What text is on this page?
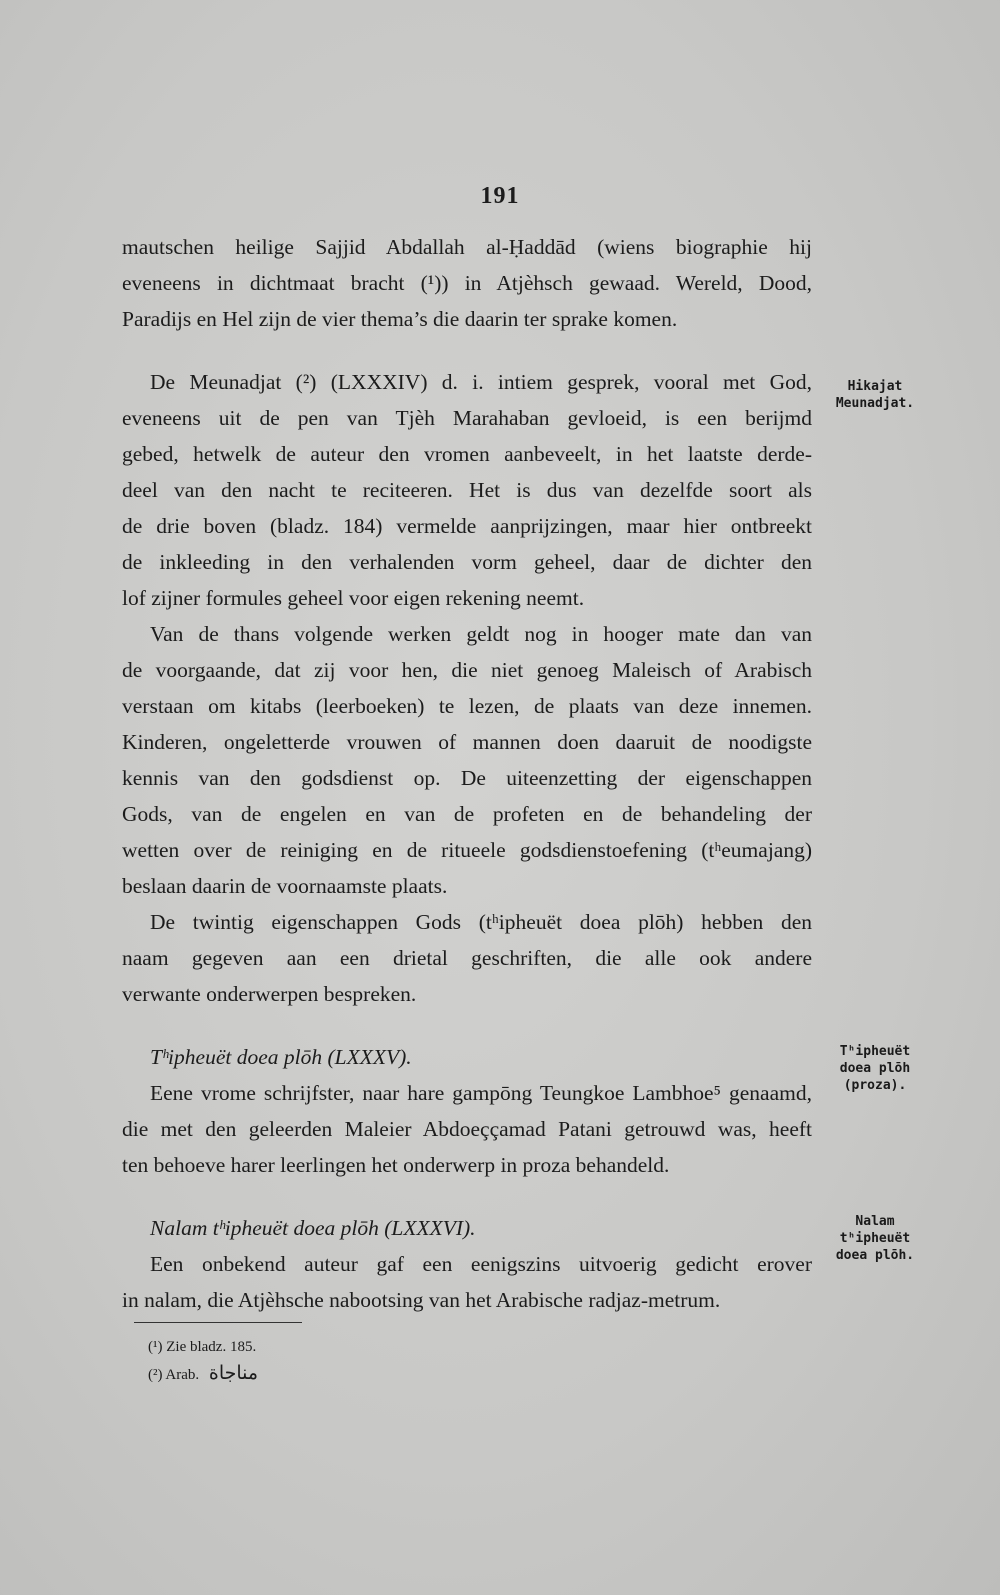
191
mautschen heilige Sajjid Abdallah al-Ḥaddād (wiens biographie hij
eveneens in dichtmaat bracht (¹)) in Atjèhsch gewaad. Wereld, Dood,
Paradijs en Hel zijn de vier thema’s die daarin ter sprake komen.
De Meunadjat (²) (LXXXIV) d. i. intiem gesprek, vooral met God,
eveneens uit de pen van Tjèh Marahaban gevloeid, is een berijmd
gebed, hetwelk de auteur den vromen aanbeveelt, in het laatste derde-
deel van den nacht te reciteeren. Het is dus van dezelfde soort als
de drie boven (bladz. 184) vermelde aanprijzingen, maar hier ontbreekt
de inkleeding in den verhalenden vorm geheel, daar de dichter den
lof zijner formules geheel voor eigen rekening neemt.
Van de thans volgende werken geldt nog in hooger mate dan van
de voorgaande, dat zij voor hen, die niet genoeg Maleisch of Arabisch
verstaan om kitabs (leerboeken) te lezen, de plaats van deze innemen.
Kinderen, ongeletterde vrouwen of mannen doen daaruit de noodigste
kennis van den godsdienst op. De uiteenzetting der eigenschappen
Gods, van de engelen en van de profeten en de behandeling der
wetten over de reiniging en de ritueele godsdienstoefening (tʰeumajang)
beslaan daarin de voornaamste plaats.
De twintig eigenschappen Gods (tʰipheuët doea plōh) hebben den
naam gegeven aan een drietal geschriften, die alle ook andere
verwante onderwerpen bespreken.
Tʰipheuët doea plōh (LXXXV).
Eene vrome schrijfster, naar hare gampōng Teungkoe Lambhoe⁵ genaamd,
die met den geleerden Maleier Abdoeççamad Patani getrouwd was, heeft
ten behoeve harer leerlingen het onderwerp in proza behandeld.
Nalam tʰipheuët doea plōh (LXXXVI).
Een onbekend auteur gaf een eenigszins uitvoerig gedicht erover
in nalam, die Atjèhsche nabootsing van het Arabische radjaz-metrum.
(¹) Zie bladz. 185.
(²) Arab. مناجاة
Hikajat
Meunadjat.
Tʰipheuët
doea plōh
(proza).
Nalam
tʰipheuët
doea plōh.
